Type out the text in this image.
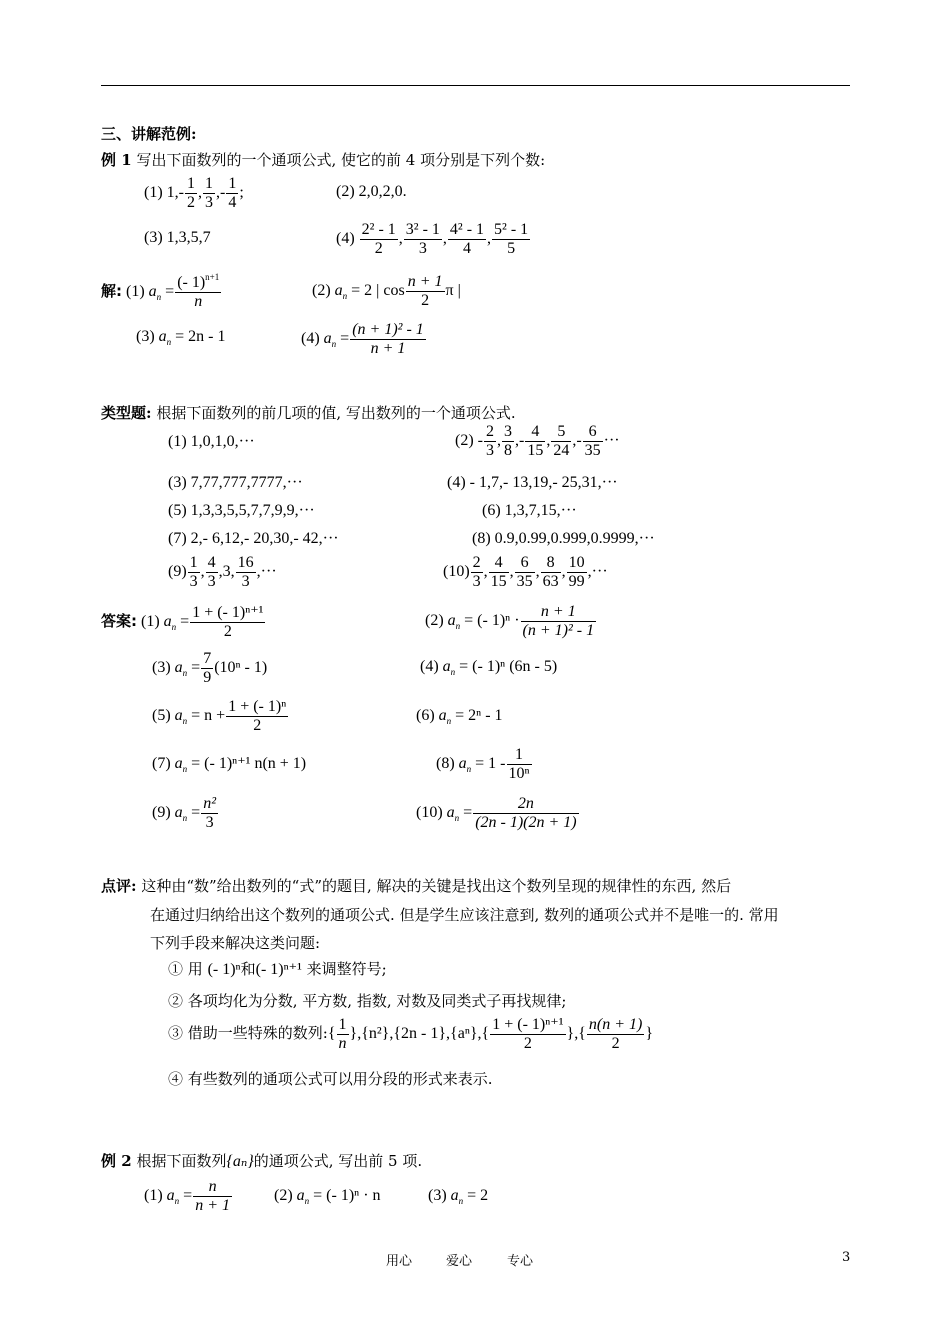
三、讲解范例:
例 1 写出下面数列的一个通项公式, 使它的前 4 项分别是下列个数:
(1) $1,- \frac{1}{2}$ , $\frac{1}{3}$ ,- $\frac{1}{4}$ ;	(2) 2,0,2,0.
(3) 1,3,5,7	$(4) \frac{\text{2² - 1}}{2}$ , $\frac{\text{3² - 1}}{3}$ , $\frac{\text{4² - 1}}{4}$ , $\frac{\text{5² - 1}}{5}$
解: (1) $a_n = \frac{(- 1)^{n+1}}{n}$	(2) $a_n = 2$ | $\cos \frac{n + 1}{2}$ π |
(3) $a_n = 2n - 1$	(4) $a_n = \frac{\text{(n + 1)² - 1}}{n + 1}$
类型题: 根据下面数列的前几项的值, 写出数列的一个通项公式.
(1) 1,0,1,0,···	$(2) - \frac{2}{3}$ , $\frac{3}{8}$ ,- $\frac{4}{15}$ , $\frac{5}{24}$ ,- $\frac{6}{35}$ ···
(3) 7,77,777,7777,···	(4) - 1,7,- 13,19,- 25,31,···
(5) 1,3,3,5,5,7,7,9,9,···	(6) 1,3,7,15,···
(7) 2,- 6,12,- 20,30,- 42,···	(8) 0.9,0.99,0.999,0.9999,···
$(9) \frac{1}{3}$ , $\frac{4}{3} ,3$, $\frac{16}{3}$ ,···	$(10) \frac{2}{3}$ , $\frac{4}{15}$ , $\frac{6}{35}$ , $\frac{8}{63}$ , $\frac{10}{99}$ ,···
答案: (1) $a_n = \frac{\text{1 + (- 1)ⁿ⁺¹}}{2}$	(2) $a_n$ = (- $1)^n \cdot \frac{n + 1}{\text{(n + 1)² - 1}}$
(3) $a_n = \frac{7}{9} (10^n - 1)$	(4) $a_n$ = (- 1)ⁿ (6n - 5)
(5) $a_n = n + \frac{\text{1 + (- 1)ⁿ}}{2}$	(6) $a_n = 2^n - 1$
(7) $a_n$ = (- 1)ⁿ⁺¹ n(n + 1)	(8) $a_n = 1 - \frac{1}{\text{10ⁿ}}$
(9) $a_n = \frac{\text{n²}}{3}$	(10) $a_n = \frac{2n}{(2n - 1)(2n + 1)}$
点评: 这种由“数”给出数列的“式”的题目, 解决的关键是找出这个数列呈现的规律性的东西, 然后
在通过归纳给出这个数列的通项公式. 但是学生应该注意到, 数列的通项公式并不是唯一的. 常用
下列手段来解决这类问题:
① 用 (- 1)ⁿ和(- 1)ⁿ⁺¹ 来调整符号;
② 各项均化为分数, 平方数, 指数, 对数及同类式子再找规律;
③ 借助一些特殊的数列:{ $\frac{1}{n} \},\{n^2\},\{2n - 1\},\{a^n\},\{ \frac{\text{1 + (- 1)ⁿ⁺¹}}{2}$ },{ $\frac{n(n + 1)}{2}$ }
④ 有些数列的通项公式可以用分段的形式来表示.
例 2 根据下面数列{aₙ}的通项公式, 写出前 5 项.
(1) $a_n = \frac{n}{n + 1}$	(2) $a_n$ = (- 1)ⁿ · n	(3) $a_n = 2$
用心	爱心	专心	3
